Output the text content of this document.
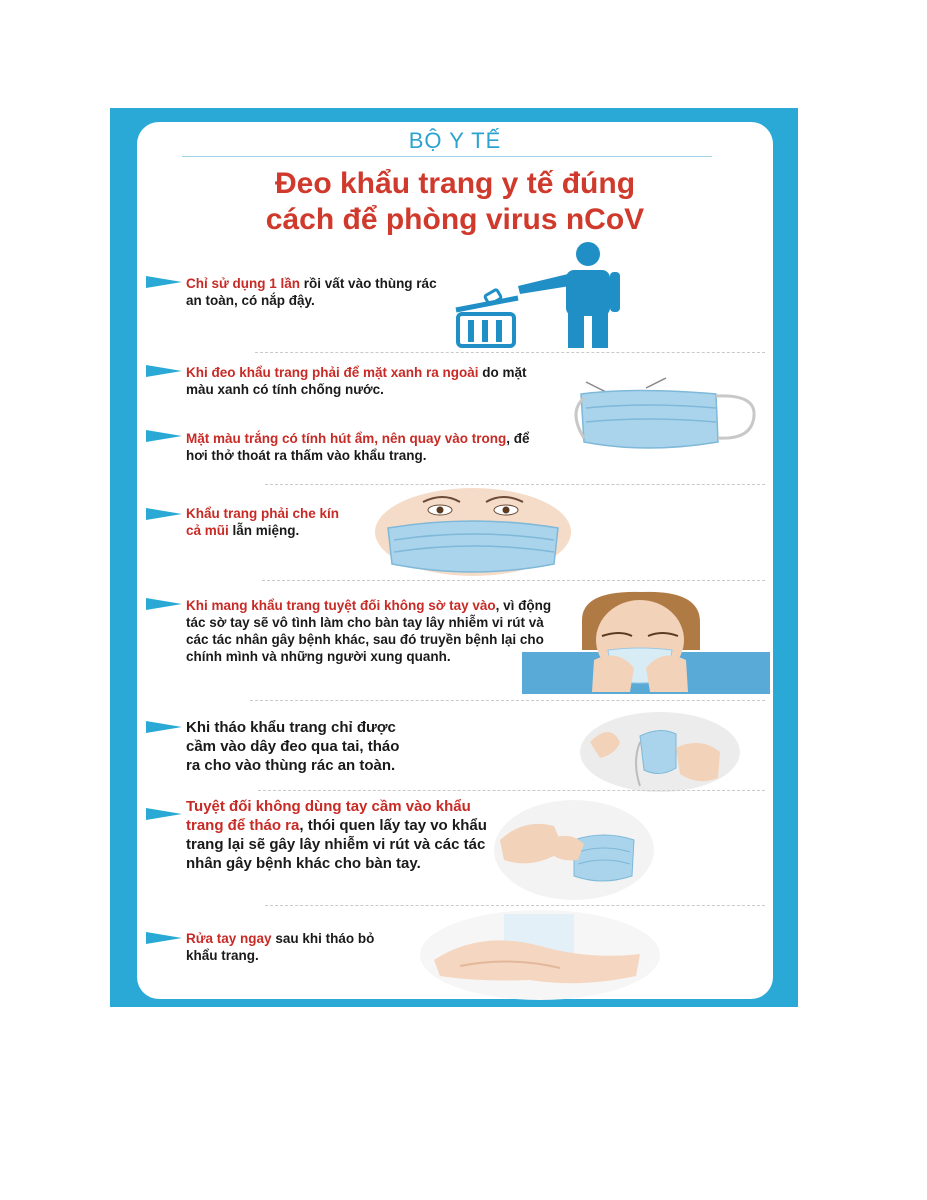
BỘ Y TẾ
Đeo khẩu trang y tế đúng
cách để phòng virus nCoV
Chỉ sử dụng 1 lần rồi vất vào thùng rác an toàn, có nắp đậy.
Khi đeo khẩu trang phải để mặt xanh ra ngoài do mặt màu xanh có tính chống nước.
Mặt màu trắng có tính hút ẩm, nên quay vào trong, để hơi thở thoát ra thấm vào khẩu trang.
Khẩu trang phải che kín cả mũi lẫn miệng.
Khi mang khẩu trang tuyệt đối không sờ tay vào, vì động tác sờ tay sẽ vô tình làm cho bàn tay lây nhiễm vi rút và các tác nhân gây bệnh khác, sau đó truyền bệnh lại cho chính mình và những người xung quanh.
Khi tháo khẩu trang chỉ được cầm vào dây đeo qua tai, tháo ra cho vào thùng rác an toàn.
Tuyệt đối không dùng tay cầm vào khẩu trang để tháo ra, thói quen lấy tay vo khẩu trang lại sẽ gây lây nhiễm vi rút và các tác nhân gây bệnh khác cho bàn tay.
Rửa tay ngay sau khi tháo bỏ khẩu trang.
